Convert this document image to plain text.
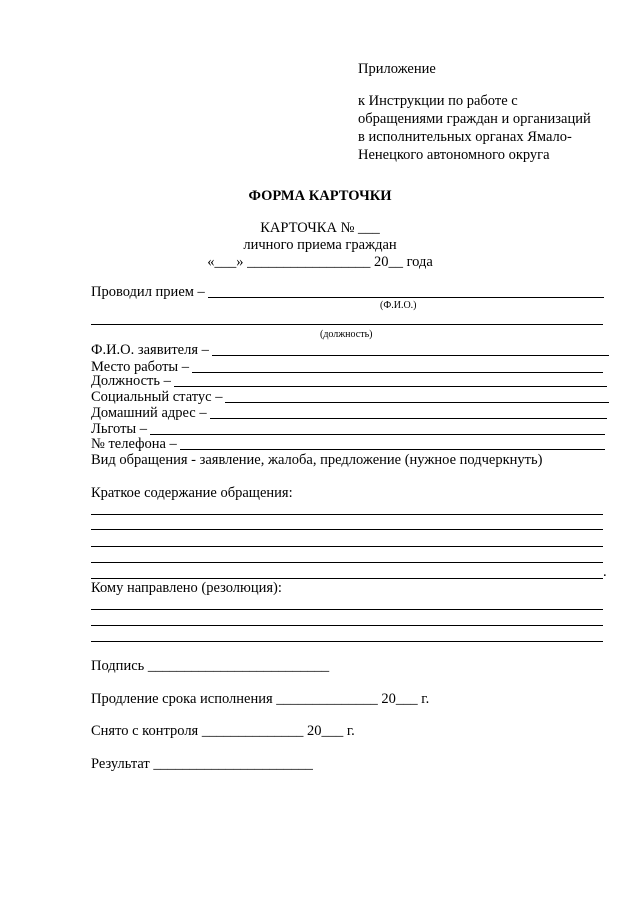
Приложение
к Инструкции по работе с
обращениями граждан и организаций
в исполнительных органах Ямало-
Ненецкого автономного округа
ФОРМА КАРТОЧКИ
КАРТОЧКА № ___
личного приема граждан
«___» _________________ 20__ года
Проводил прием –
(Ф.И.О.)
(должность)
Ф.И.О. заявителя –
Место работы –
Должность –
Социальный статус –
Домашний адрес –
Льготы –
№ телефона –
Вид обращения - заявление, жалоба, предложение (нужное подчеркнуть)
Краткое содержание обращения:
.
Кому направлено (резолюция):
Подпись _________________________
Продление срока исполнения ______________ 20___ г.
Снято с контроля ______________ 20___ г.
Результат ______________________
